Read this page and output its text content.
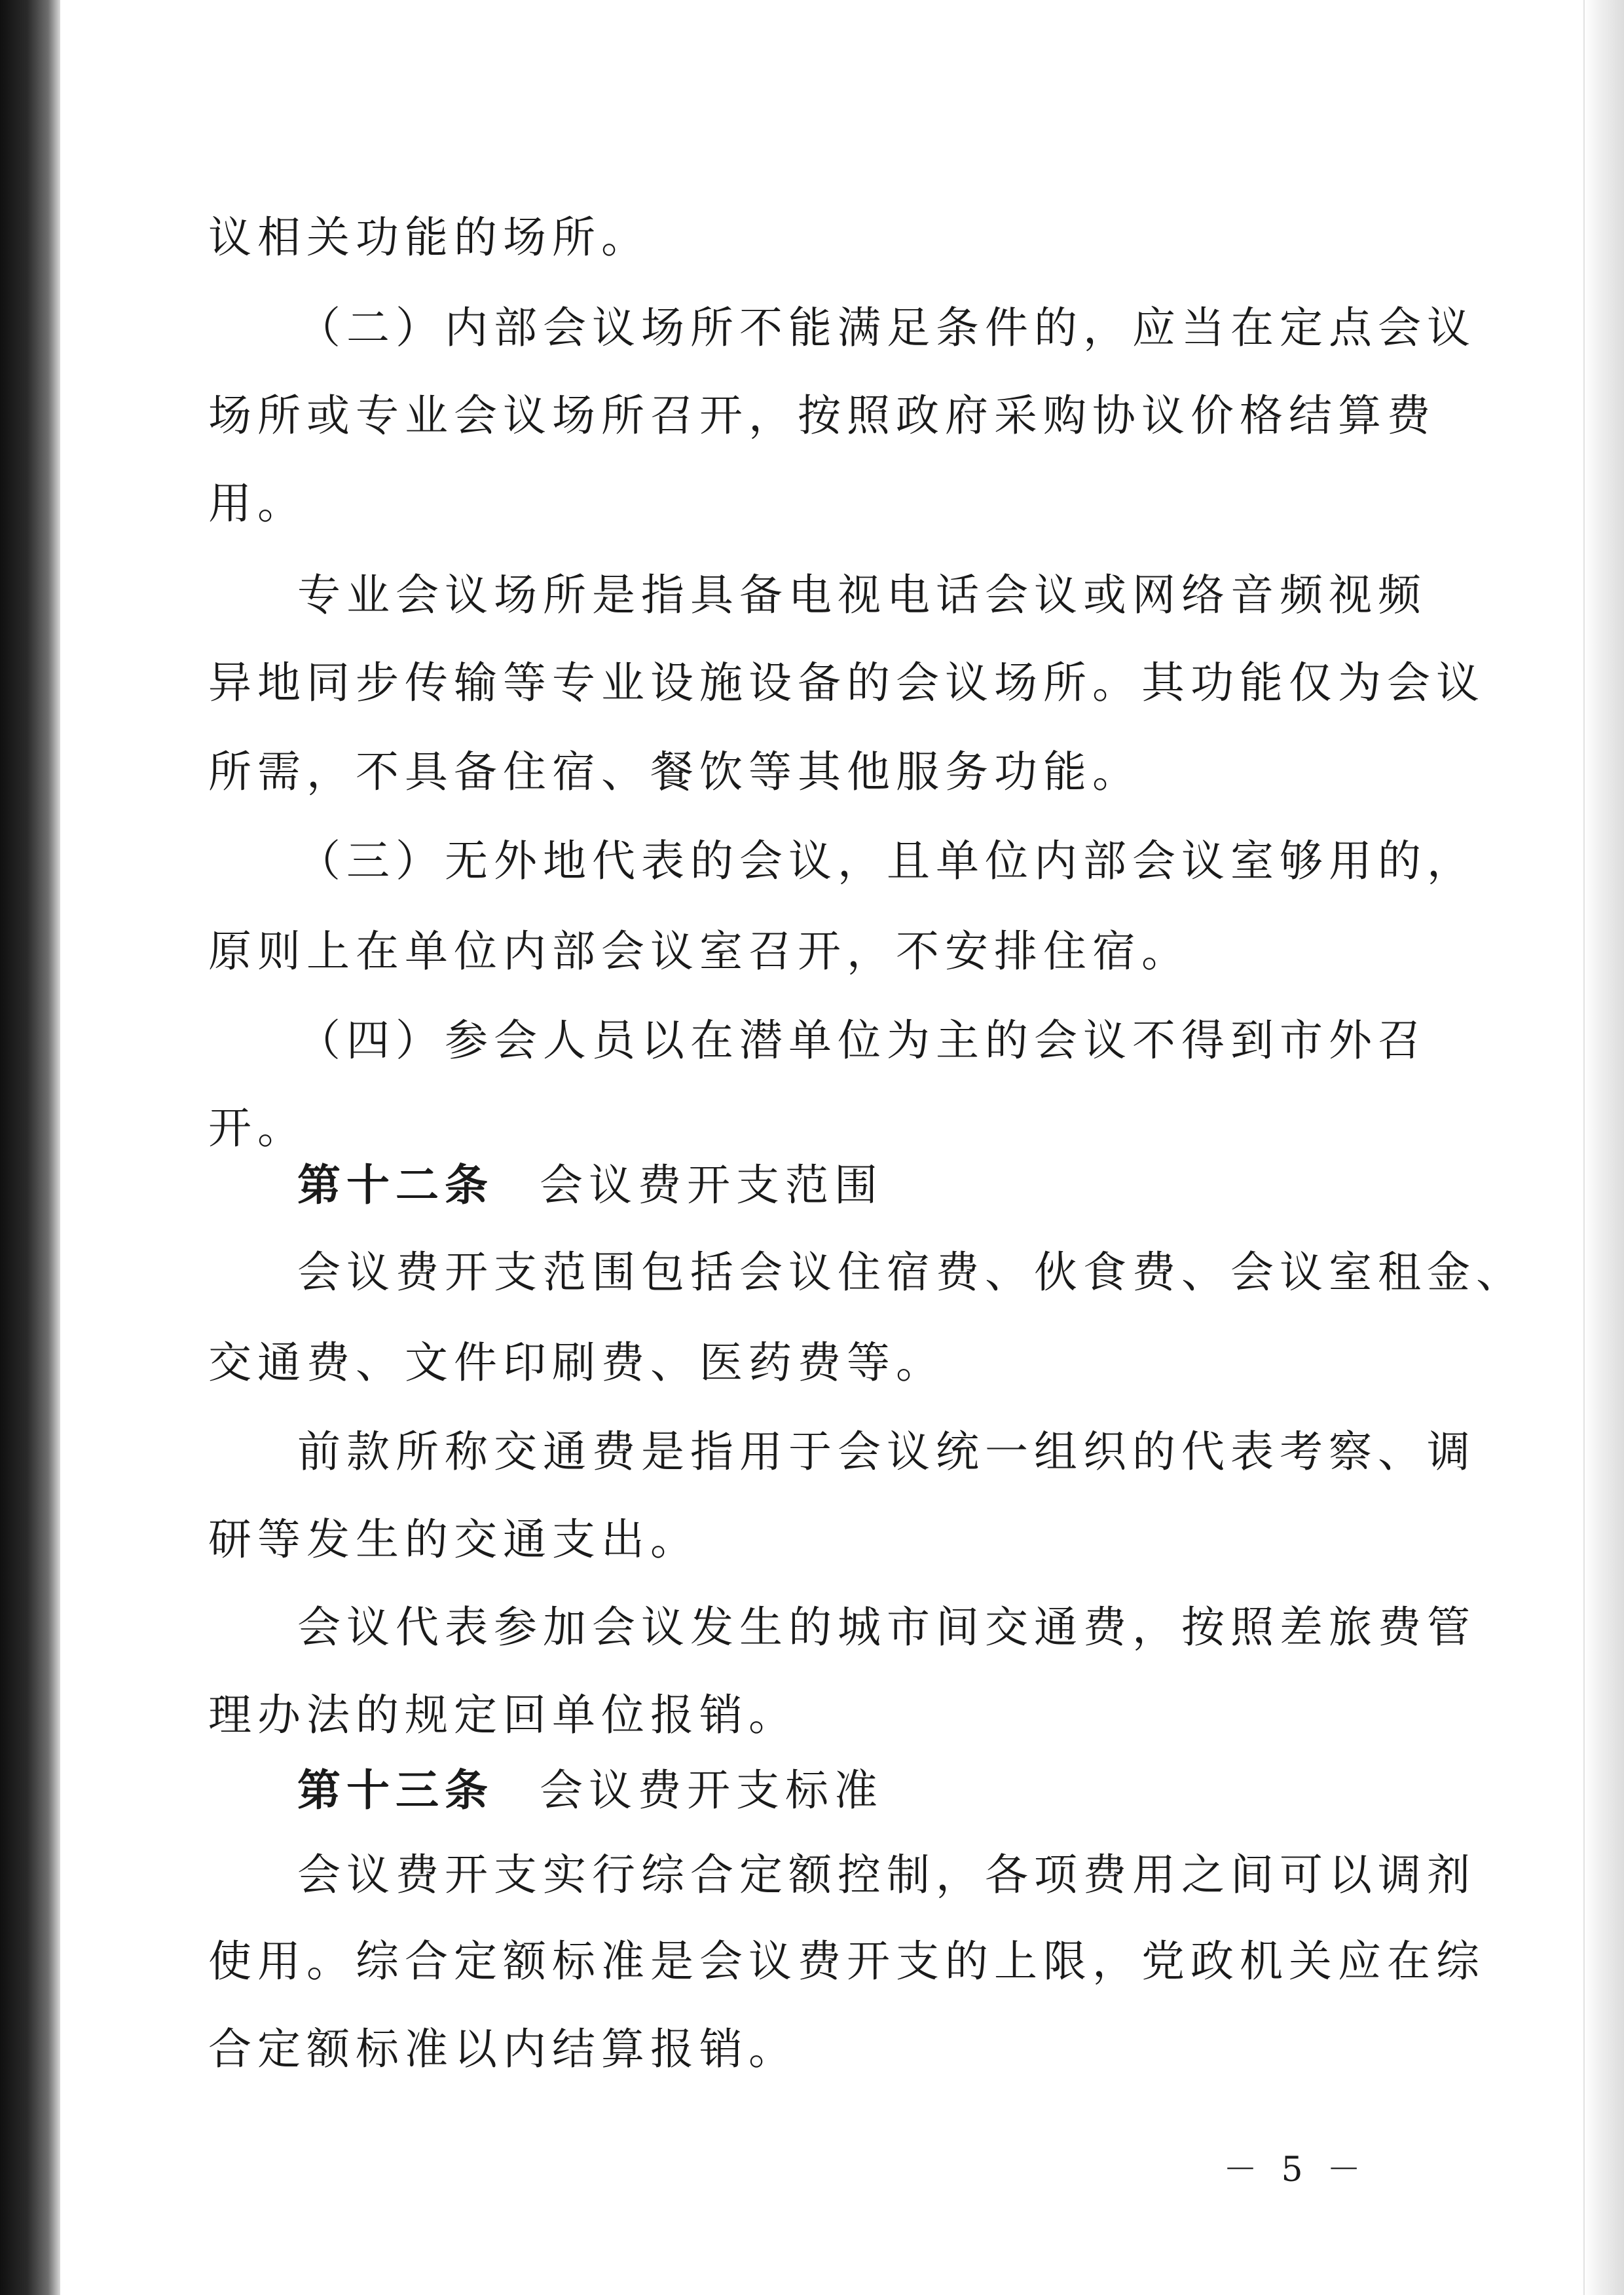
议相关功能的场所。
（二）内部会议场所不能满足条件的，应当在定点会议
场所或专业会议场所召开，按照政府采购协议价格结算费
用。
专业会议场所是指具备电视电话会议或网络音频视频
异地同步传输等专业设施设备的会议场所。其功能仅为会议
所需，不具备住宿、餐饮等其他服务功能。
（三）无外地代表的会议，且单位内部会议室够用的，
原则上在单位内部会议室召开，不安排住宿。
（四）参会人员以在潜单位为主的会议不得到市外召
开。
第十二条 会议费开支范围
会议费开支范围包括会议住宿费、伙食费、会议室租金、
交通费、文件印刷费、医药费等。
前款所称交通费是指用于会议统一组织的代表考察、调
研等发生的交通支出。
会议代表参加会议发生的城市间交通费，按照差旅费管
理办法的规定回单位报销。
第十三条 会议费开支标准
会议费开支实行综合定额控制，各项费用之间可以调剂
使用。综合定额标准是会议费开支的上限，党政机关应在综
合定额标准以内结算报销。
－ 5 －
